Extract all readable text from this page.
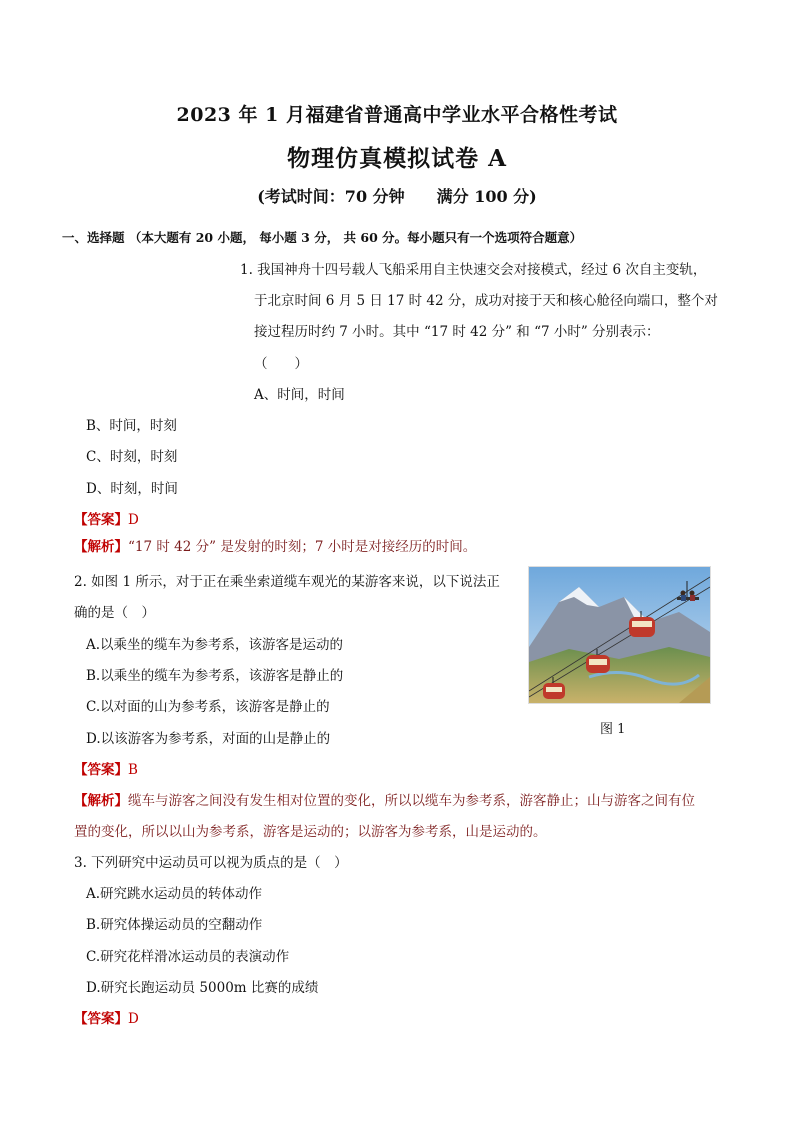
2023 年 1 月福建省普通高中学业水平合格性考试
物理仿真模拟试卷 A
(考试时间：70 分钟　　满分 100 分)
一、选择题 （本大题有 20 小题， 每小题 3 分， 共 60 分。每小题只有一个选项符合题意）
1. 我国神舟十四号载人飞船采用自主快速交会对接模式，经过 6 次自主变轨，
于北京时间 6 月 5 日 17 时 42 分，成功对接于天和核心舱径向端口，整个对
接过程历时约 7 小时。其中 “17 时 42 分” 和 “7 小时” 分别表示：
（　　）
A、时间，时间
B、时间，时刻
C、时刻，时刻
D、时刻，时间
【答案】D
【解析】“17 时 42 分” 是发射的时刻；7 小时是对接经历的时间。
2. 如图 1 所示，对于正在乘坐索道缆车观光的某游客来说，以下说法正
确的是（　）
A.以乘坐的缆车为参考系，该游客是运动的
B.以乘坐的缆车为参考系，该游客是静止的
C.以对面的山为参考系，该游客是静止的
D.以该游客为参考系，对面的山是静止的
图 1
【答案】B
【解析】缆车与游客之间没有发生相对位置的变化，所以以缆车为参考系，游客静止；山与游客之间有位
置的变化，所以以山为参考系，游客是运动的；以游客为参考系，山是运动的。
3. 下列研究中运动员可以视为质点的是（　）
A.研究跳水运动员的转体动作
B.研究体操运动员的空翻动作
C.研究花样滑冰运动员的表演动作
D.研究长跑运动员 5000m 比赛的成绩
【答案】D
